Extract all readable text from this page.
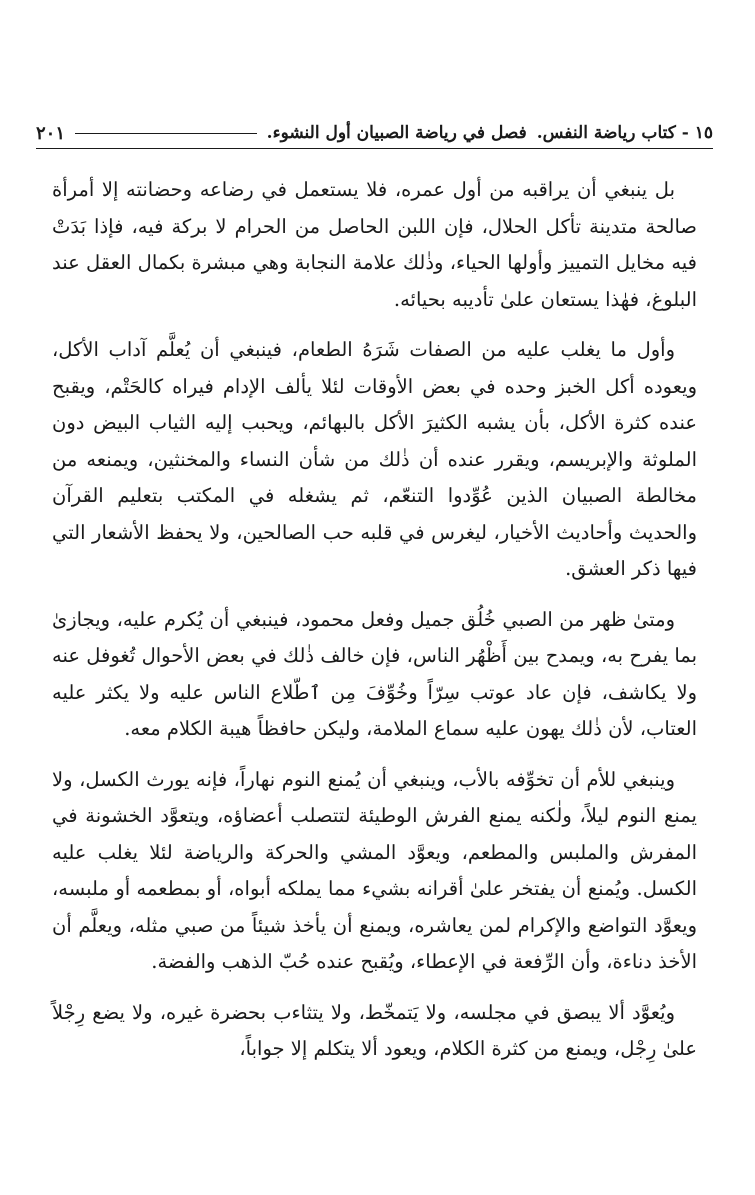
١٥ - كتاب رياضة النفس.
فصل في رياضة الصبيان أول النشوء.
٢٠١

بل ينبغي أن يراقبه من أول عمره، فلا يستعمل في رضاعه وحضانته إلا أمرأة صالحة متدينة تأكل الحلال، فإن اللبن الحاصل من الحرام لا بركة فيه، فإذا بَدَتْ فيه مخايل التمييز وأولها الحياء، وذٰلك علامة النجابة وهي مبشرة بكمال العقل عند البلوغ، فهٰذا يستعان علىٰ تأديبه بحيائه.

وأول ما يغلب عليه من الصفات شَرَهُ الطعام، فينبغي أن يُعلَّم آداب الأكل، ويعوده أكل الخبز وحده في بعض الأوقات لئلا يألف الإدام فيراه كالحَتْم، ويقبح عنده كثرة الأكل، بأن يشبه الكثيرَ الأكل بالبهائم، ويحبب إليه الثياب البيض دون الملوثة والإبريسم، ويقرر عنده أن ذٰلك من شأن النساء والمخنثين، ويمنعه من مخالطة الصبيان الذين عُوِّدوا التنعّم، ثم يشغله في المكتب بتعليم القرآن والحديث وأحاديث الأخيار، ليغرس في قلبه حب الصالحين، ولا يحفظ الأشعار التي فيها ذكر العشق.

ومتىٰ ظهر من الصبي خُلُق جميل وفعل محمود، فينبغي أن يُكرم عليه، ويجازىٰ بما يفرح به، ويمدح بين أَظْهُر الناس، فإن خالف ذٰلك في بعض الأحوال تُغوفل عنه ولا يكاشف، فإن عاد عوتب سِرّاً وخُوِّفَ مِن ٱطّلاع الناس عليه ولا يكثر عليه العتاب، لأن ذٰلك يهون عليه سماع الملامة، وليكن حافظاً هيبة الكلام معه.

وينبغي للأم أن تخوِّفه بالأب، وينبغي أن يُمنع النوم نهاراً، فإنه يورث الكسل، ولا يمنع النوم ليلاً، ولٰكنه يمنع الفرش الوطيئة لتتصلب أعضاؤه، ويتعوَّد الخشونة في المفرش والملبس والمطعم، ويعوَّد المشي والحركة والرياضة لئلا يغلب عليه الكسل. ويُمنع أن يفتخر علىٰ أقرانه بشيء مما يملكه أبواه، أو بمطعمه أو ملبسه، ويعوَّد التواضع والإكرام لمن يعاشره، ويمنع أن يأخذ شيئاً من صبي مثله، ويعلَّم أن الأخذ دناءة، وأن الرِّفعة في الإعطاء، ويُقبح عنده حُبّ الذهب والفضة.

ويُعوَّد ألا يبصق في مجلسه، ولا يَتمخّط، ولا يتثاءب بحضرة غيره، ولا يضع رِجْلاً علىٰ رِجْل، ويمنع من كثرة الكلام، ويعود ألا يتكلم إلا جواباً،
